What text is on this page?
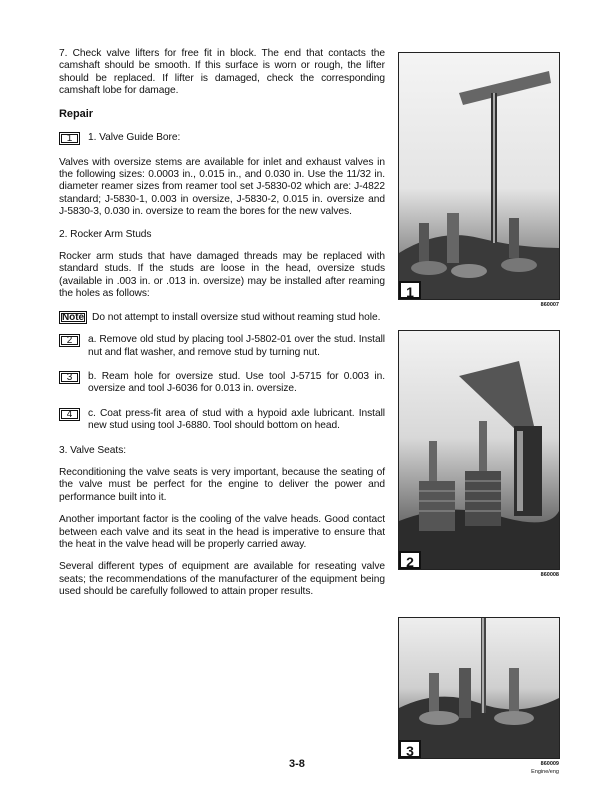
7. Check valve lifters for free fit in block. The end that contacts the camshaft should be smooth. If this surface is worn or rough, the lifter should be replaced. If lifter is damaged, check the corresponding camshaft lobe for damage.

Repair
1	1. Valve Guide Bore:

Valves with oversize stems are available for inlet and exhaust valves in the following sizes: 0.0003 in., 0.015 in., and 0.030 in. Use the 11/32 in. diameter reamer sizes from reamer tool set J-5830-02 which are: J-4822 standard; J-5830-1, 0.003 in oversize, J-5830-2, 0.015 in. oversize and J-5830-3, 0.030 in. oversize to ream the bores for the new valves.

2. Rocker Arm Studs

Rocker arm studs that have damaged threads may be replaced with standard studs. If the studs are loose in the head, oversize studs (available in .003 in. or .013 in. oversize) may be installed after reaming the holes as follows:

Note Do not attempt to install oversize stud without reaming stud hole.

2	a. Remove old stud by placing tool J-5802-01 over the stud. Install nut and flat washer, and remove stud by turning nut.
3	b. Ream hole for oversize stud. Use tool J-5715 for 0.003 in. oversize and tool J-6036 for 0.013 in. oversize.
4	c. Coat press-fit area of stud with a hypoid axle lubricant. Install new stud using tool J-6880. Tool should bottom on head.

3. Valve Seats:

Reconditioning the valve seats is very important, because the seating of the valve must be perfect for the engine to deliver the power and performance built into it.

Another important factor is the cooling of the valve heads. Good contact between each valve and its seat in the head is imperative to ensure that the heat in the valve head will be properly carried away.

Several different types of equipment are available for reseating valve seats; the recommendations of the manufacturer of the equipment being used should be carefully followed to attain proper results.

1
860007
2
860008
3
860009
Engine/eng
3-8
